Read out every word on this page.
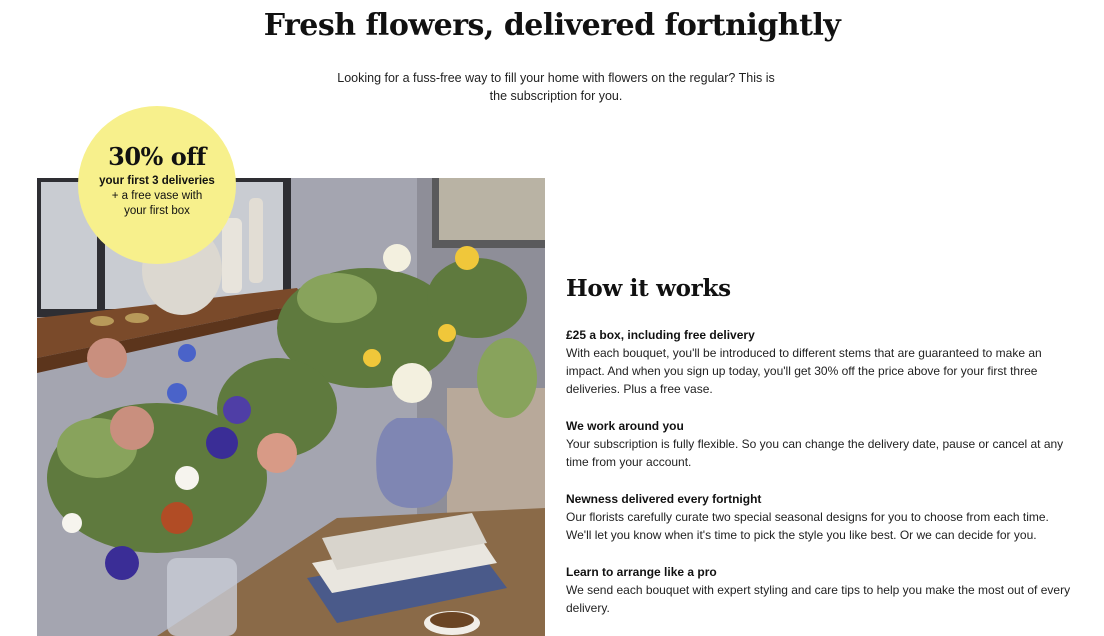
Fresh flowers, delivered fortnightly

Looking for a fuss-free way to fill your home with flowers on the regular? This is the subscription for you.

30% off
your first 3 deliveries
+ a free vase with your first box
How it works
£25 a box, including free delivery
With each bouquet, you'll be introduced to different stems that are guaranteed to make an impact. And when you sign up today, you'll get 30% off the price above for your first three deliveries. Plus a free vase.
We work around you
Your subscription is fully flexible. So you can change the delivery date, pause or cancel at any time from your account.
Newness delivered every fortnight
Our florists carefully curate two special seasonal designs for you to choose from each time. We'll let you know when it's time to pick the style you like best. Or we can decide for you.
Learn to arrange like a pro
We send each bouquet with expert styling and care tips to help you make the most out of every delivery.
